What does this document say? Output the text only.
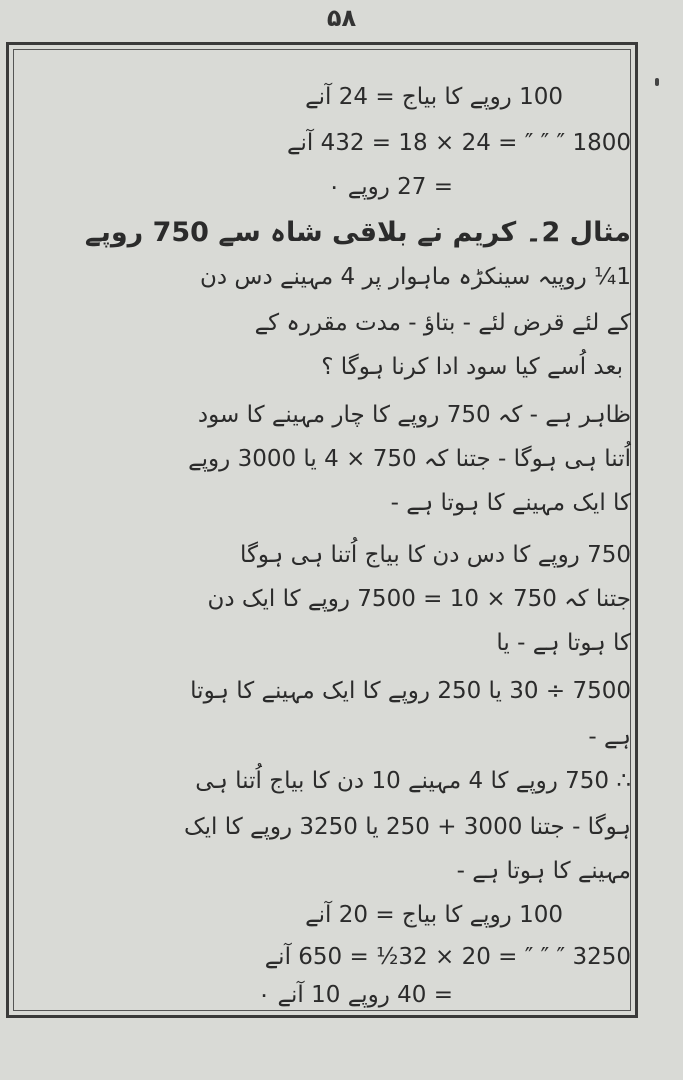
۵۸
100 روپے کا بیاج = 24 آنے
1800 ″ ″ ″ = 24 × 18 = 432 آنے
= 27 روپے ۰
مثال 2۔ کریم نے بلاقی شاہ سے 750 روپے
1¼ روپیہ سینکڑہ ماہوار پر 4 مہینے دس دن
کے لئے قرض لئے - بتاؤ - مدت مقررہ کے
بعد اُسے کیا سود ادا کرنا ہوگا ؟
ظاہر ہے - کہ 750 روپے کا چار مہینے کا سود
اُتنا ہی ہوگا - جتنا کہ 750 × 4 یا 3000 روپے
کا ایک مہینے کا ہوتا ہے -
750 روپے کا دس دن کا بیاج اُتنا ہی ہوگا
جتنا کہ 750 × 10 = 7500 روپے کا ایک دن
کا ہوتا ہے - یا
7500 ÷ 30 یا 250 روپے کا ایک مہینے کا ہوتا
ہے -
∴ 750 روپے کا 4 مہینے 10 دن کا بیاج اُتنا ہی
ہوگا - جتنا 3000 + 250 یا 3250 روپے کا ایک
مہینے کا ہوتا ہے -
100 روپے کا بیاج = 20 آنے
3250 ″ ″ ″ = 20 × 32½ = 650 آنے
= 40 روپے 10 آنے ۰
